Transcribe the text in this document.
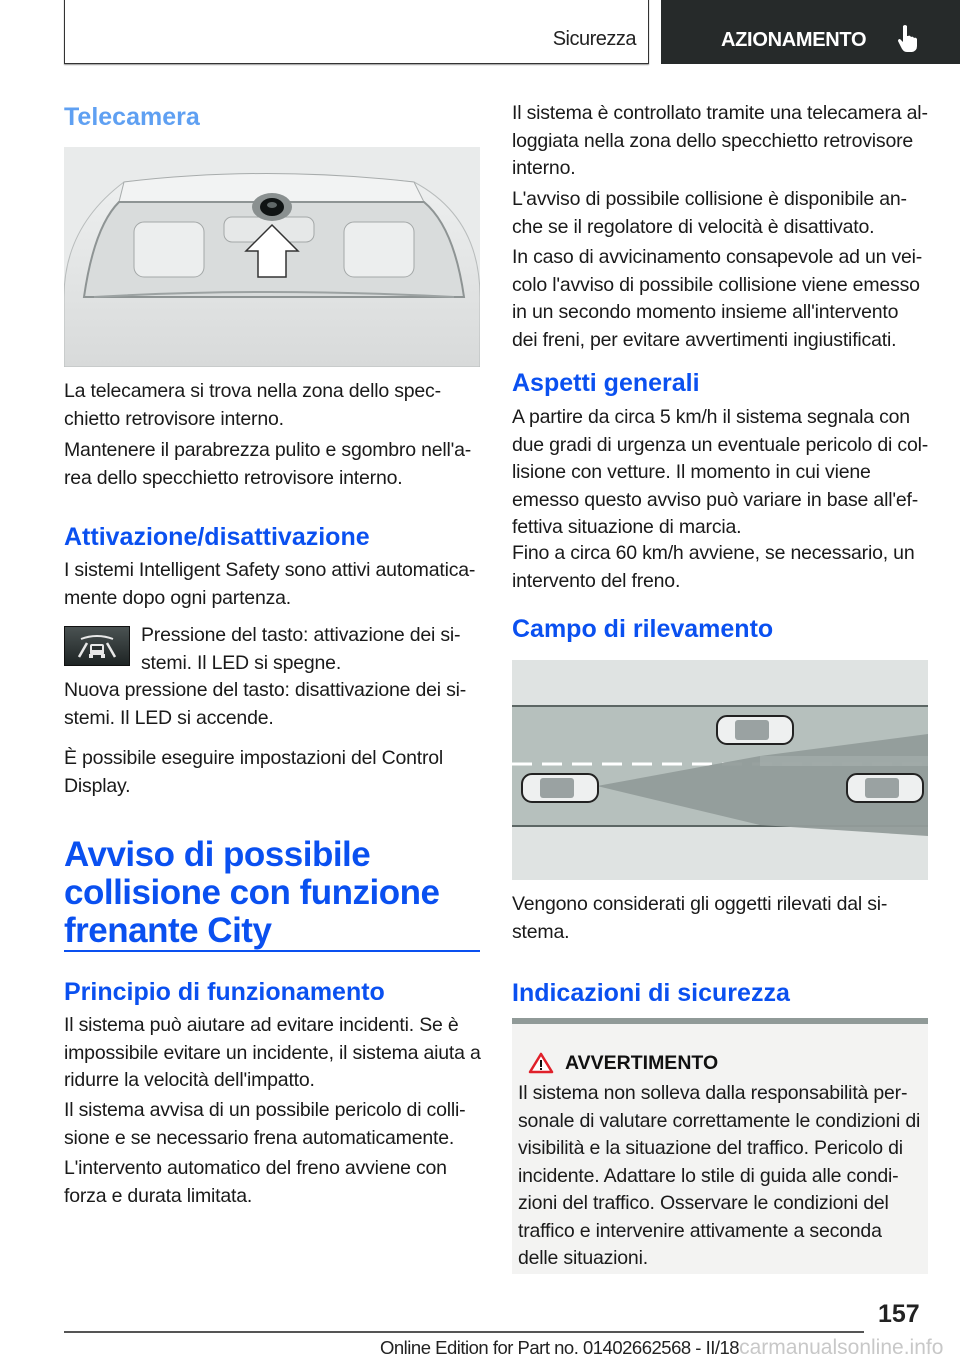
Sicurezza	AZIONAMENTO
Telecamera

La telecamera si trova nella zona dello spec-
chietto retrovisore interno.

Mantenere il parabrezza pulito e sgombro nell'a-
rea dello specchietto retrovisore interno.

Attivazione/disattivazione

I sistemi Intelligent Safety sono attivi automatica-
mente dopo ogni partenza.

Pressione del tasto: attivazione dei si-
stemi. Il LED si spegne.

Nuova pressione del tasto: disattivazione dei si-
stemi. Il LED si accende.

È possibile eseguire impostazioni del Control
Display.

Avviso di possibile
collisione con funzione
frenante City
Principio di funzionamento

Il sistema può aiutare ad evitare incidenti. Se è
impossibile evitare un incidente, il sistema aiuta a
ridurre la velocità dell'impatto.

Il sistema avvisa di un possibile pericolo di colli-
sione e se necessario frena automaticamente.

L'intervento automatico del freno avviene con
forza e durata limitata.

Il sistema è controllato tramite una telecamera al-
loggiata nella zona dello specchietto retrovisore
interno.

L'avviso di possibile collisione è disponibile an-
che se il regolatore di velocità è disattivato.

In caso di avvicinamento consapevole ad un vei-
colo l'avviso di possibile collisione viene emesso
in un secondo momento insieme all'intervento
dei freni, per evitare avvertimenti ingiustificati.

Aspetti generali

A partire da circa 5 km/h il sistema segnala con
due gradi di urgenza un eventuale pericolo di col-
lisione con vetture. Il momento in cui viene
emesso questo avviso può variare in base all'ef-
fettiva situazione di marcia.

Fino a circa 60 km/h avviene, se necessario, un
intervento del freno.

Campo di rilevamento

Vengono considerati gli oggetti rilevati dal si-
stema.

Indicazioni di sicurezza
AVVERTIMENTO

Il sistema non solleva dalla responsabilità per-
sonale di valutare correttamente le condizioni di
visibilità e la situazione del traffico. Pericolo di
incidente. Adattare lo stile di guida alle condi-
zioni del traffico. Osservare le condizioni del
traffico e intervenire attivamente a seconda
delle situazioni.

157
Online Edition for Part no. 01402662568 - II/18carmanualsonline.info
